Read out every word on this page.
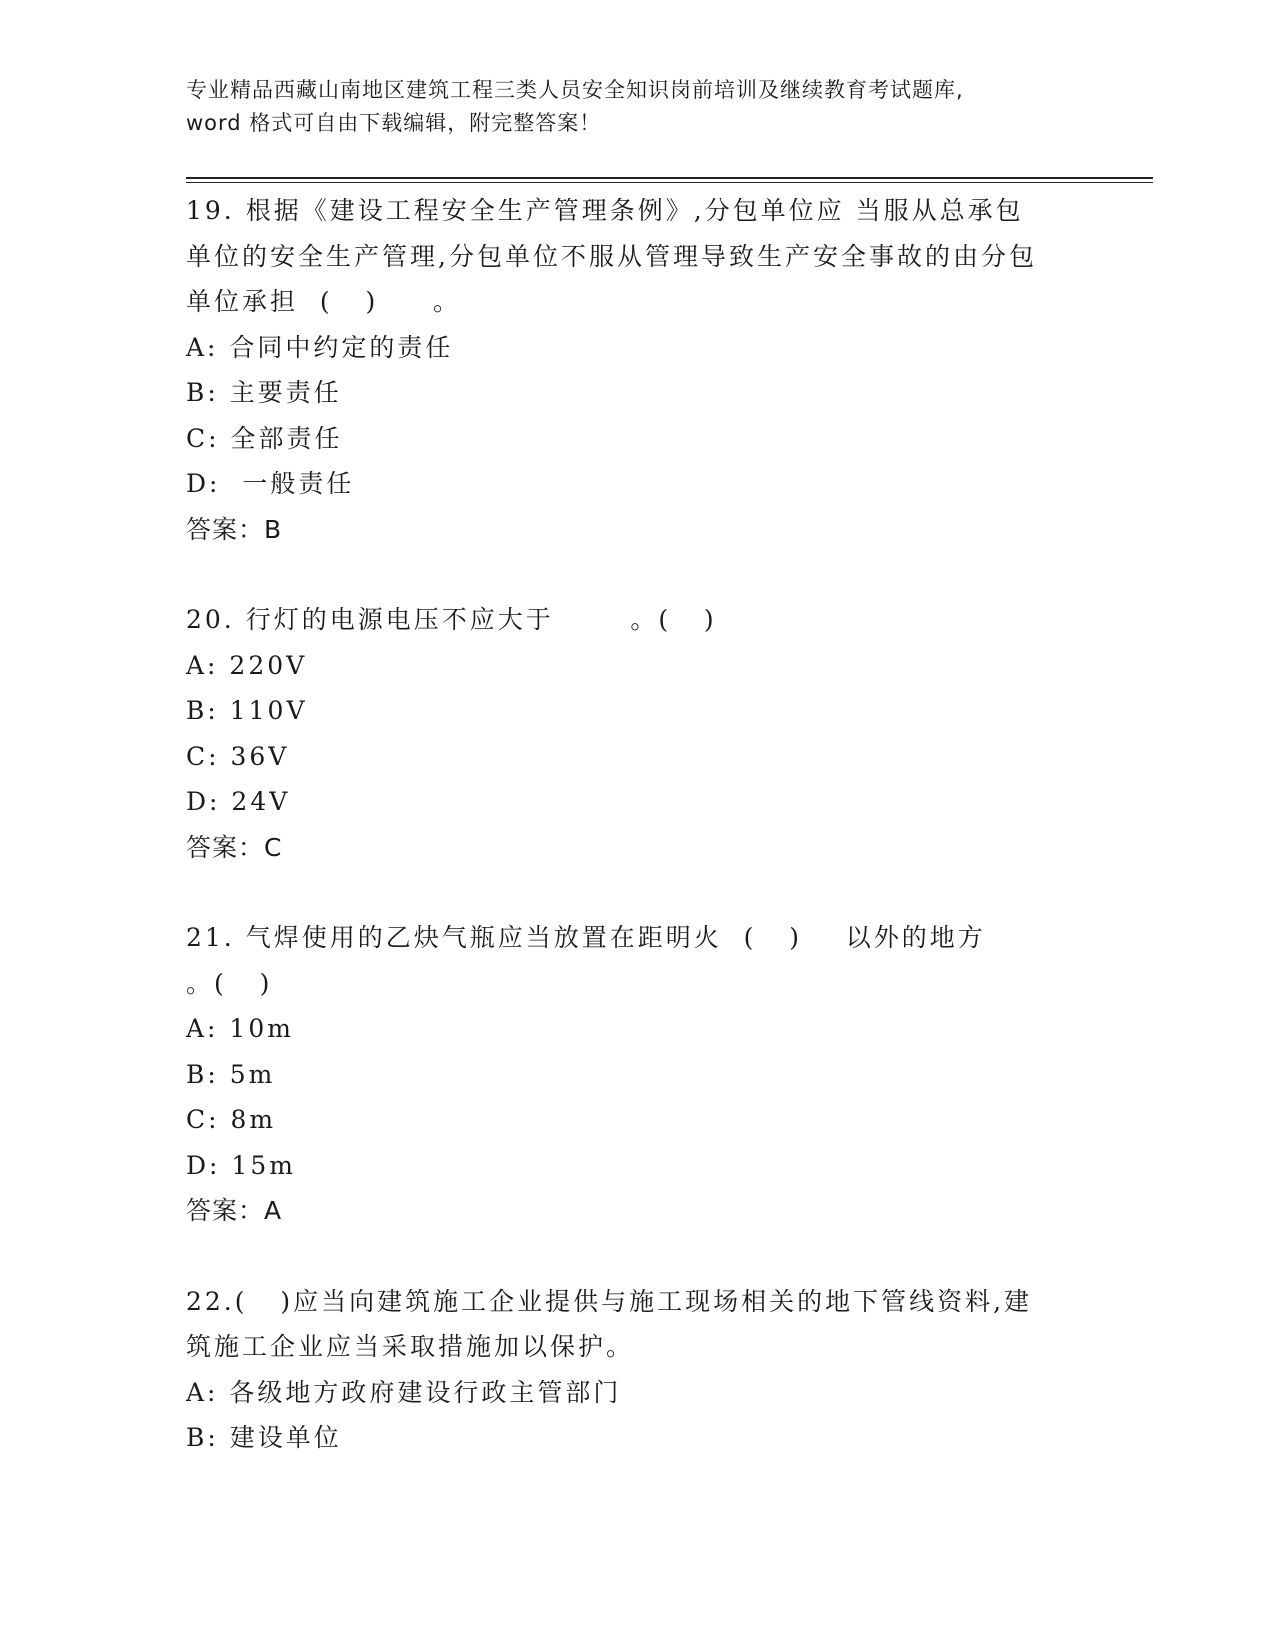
专业精品西藏山南地区建筑工程三类人员安全知识岗前培训及继续教育考试题库,
word 格式可自由下载编辑，附完整答案！

19. 根据《建设工程安全生产管理条例》,分包单位应 当服从总承包

单位的安全生产管理,分包单位不服从管理导致生产安全事故的由分包

单位承担  (   )     。

A: 合同中约定的责任

B: 主要责任

C: 全部责任

D:  一般责任

答案：B

20. 行灯的电源电压不应大于       。(   )

A: 220V

B: 110V

C: 36V

D: 24V

答案：C

21. 气焊使用的乙炔气瓶应当放置在距明火  (   )    以外的地方

。(   )

A: 10m

B: 5m

C: 8m

D: 15m

答案：A

22.(   )应当向建筑施工企业提供与施工现场相关的地下管线资料,建

筑施工企业应当采取措施加以保护。

A: 各级地方政府建设行政主管部门

B: 建设单位
